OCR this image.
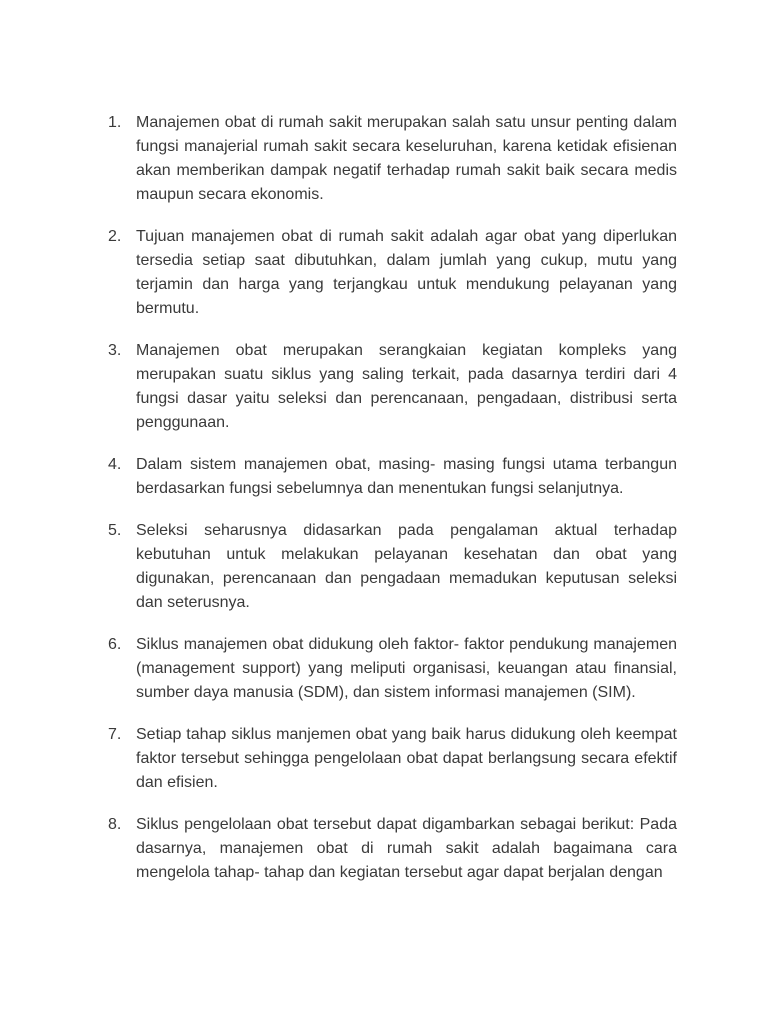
1. Manajemen obat di rumah sakit merupakan salah satu unsur penting dalam fungsi manajerial rumah sakit secara keseluruhan, karena ketidak efisienan akan memberikan dampak negatif terhadap rumah sakit baik secara medis maupun secara ekonomis.
2. Tujuan manajemen obat di rumah sakit adalah agar obat yang diperlukan tersedia setiap saat dibutuhkan, dalam jumlah yang cukup, mutu yang terjamin dan harga yang terjangkau untuk mendukung pelayanan yang bermutu.
3. Manajemen obat merupakan serangkaian kegiatan kompleks yang merupakan suatu siklus yang saling terkait, pada dasarnya terdiri dari 4 fungsi dasar yaitu seleksi dan perencanaan, pengadaan, distribusi serta penggunaan.
4. Dalam sistem manajemen obat, masing- masing fungsi utama terbangun berdasarkan fungsi sebelumnya dan menentukan fungsi selanjutnya.
5. Seleksi seharusnya didasarkan pada pengalaman aktual terhadap kebutuhan untuk melakukan pelayanan kesehatan dan obat yang digunakan, perencanaan dan pengadaan memadukan keputusan seleksi dan seterusnya.
6. Siklus manajemen obat didukung oleh faktor- faktor pendukung manajemen (management support) yang meliputi organisasi, keuangan atau finansial, sumber daya manusia (SDM), dan sistem informasi manajemen (SIM).
7. Setiap tahap siklus manjemen obat yang baik harus didukung oleh keempat faktor tersebut sehingga pengelolaan obat dapat berlangsung secara efektif dan efisien.
8. Siklus pengelolaan obat tersebut dapat digambarkan sebagai berikut: Pada dasarnya, manajemen obat di rumah sakit adalah bagaimana cara mengelola tahap- tahap dan kegiatan tersebut agar dapat berjalan dengan
